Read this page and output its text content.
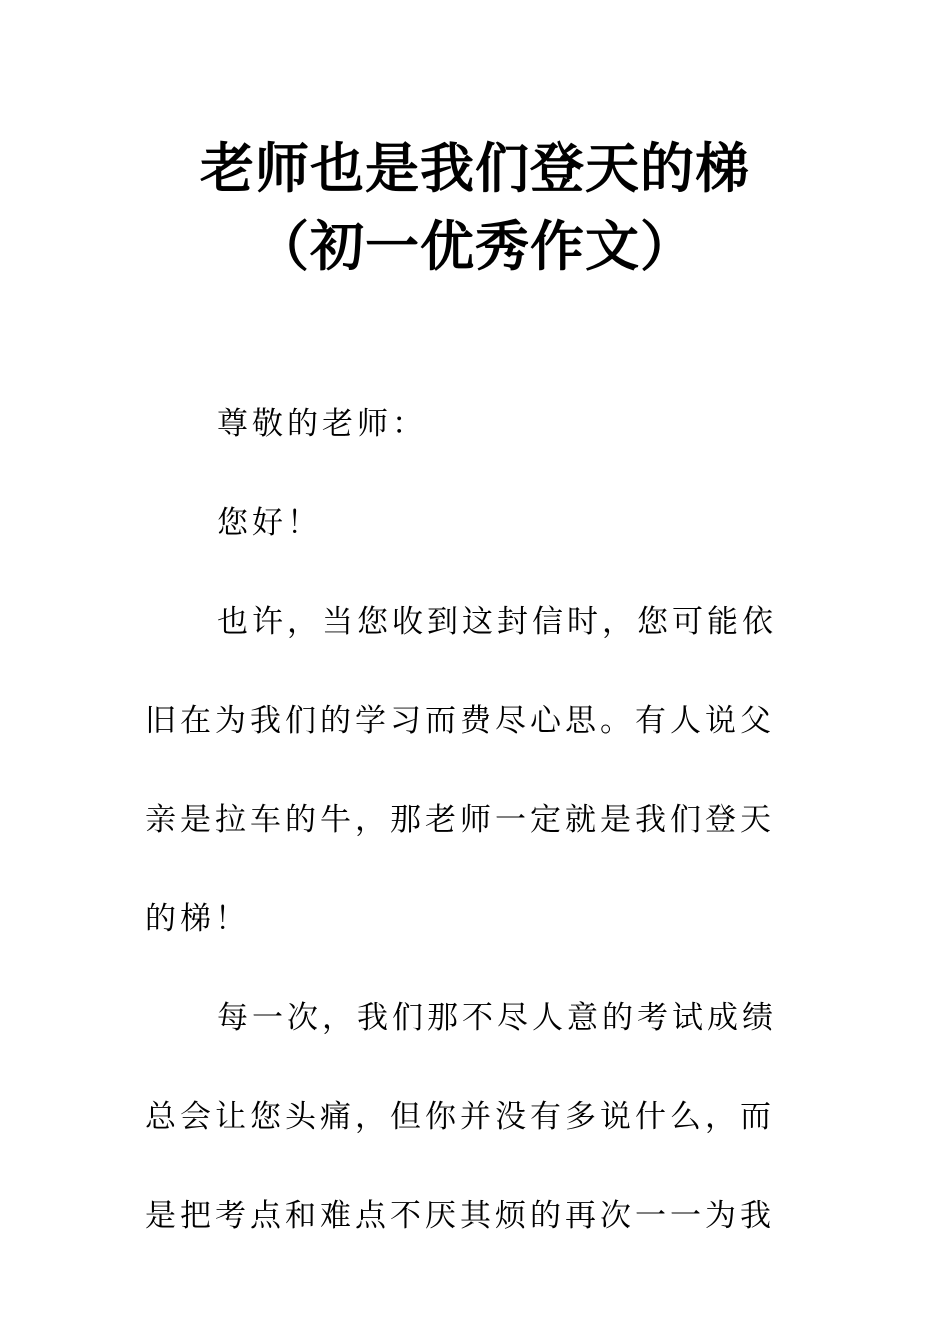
老师也是我们登天的梯
（初一优秀作文）

尊敬的老师：

您好！

也许，当您收到这封信时，您可能依
旧在为我们的学习而费尽心思。有人说父
亲是拉车的牛，那老师一定就是我们登天
的梯！

每一次，我们那不尽人意的考试成绩
总会让您头痛，但你并没有多说什么，而
是把考点和难点不厌其烦的再次一一为我
